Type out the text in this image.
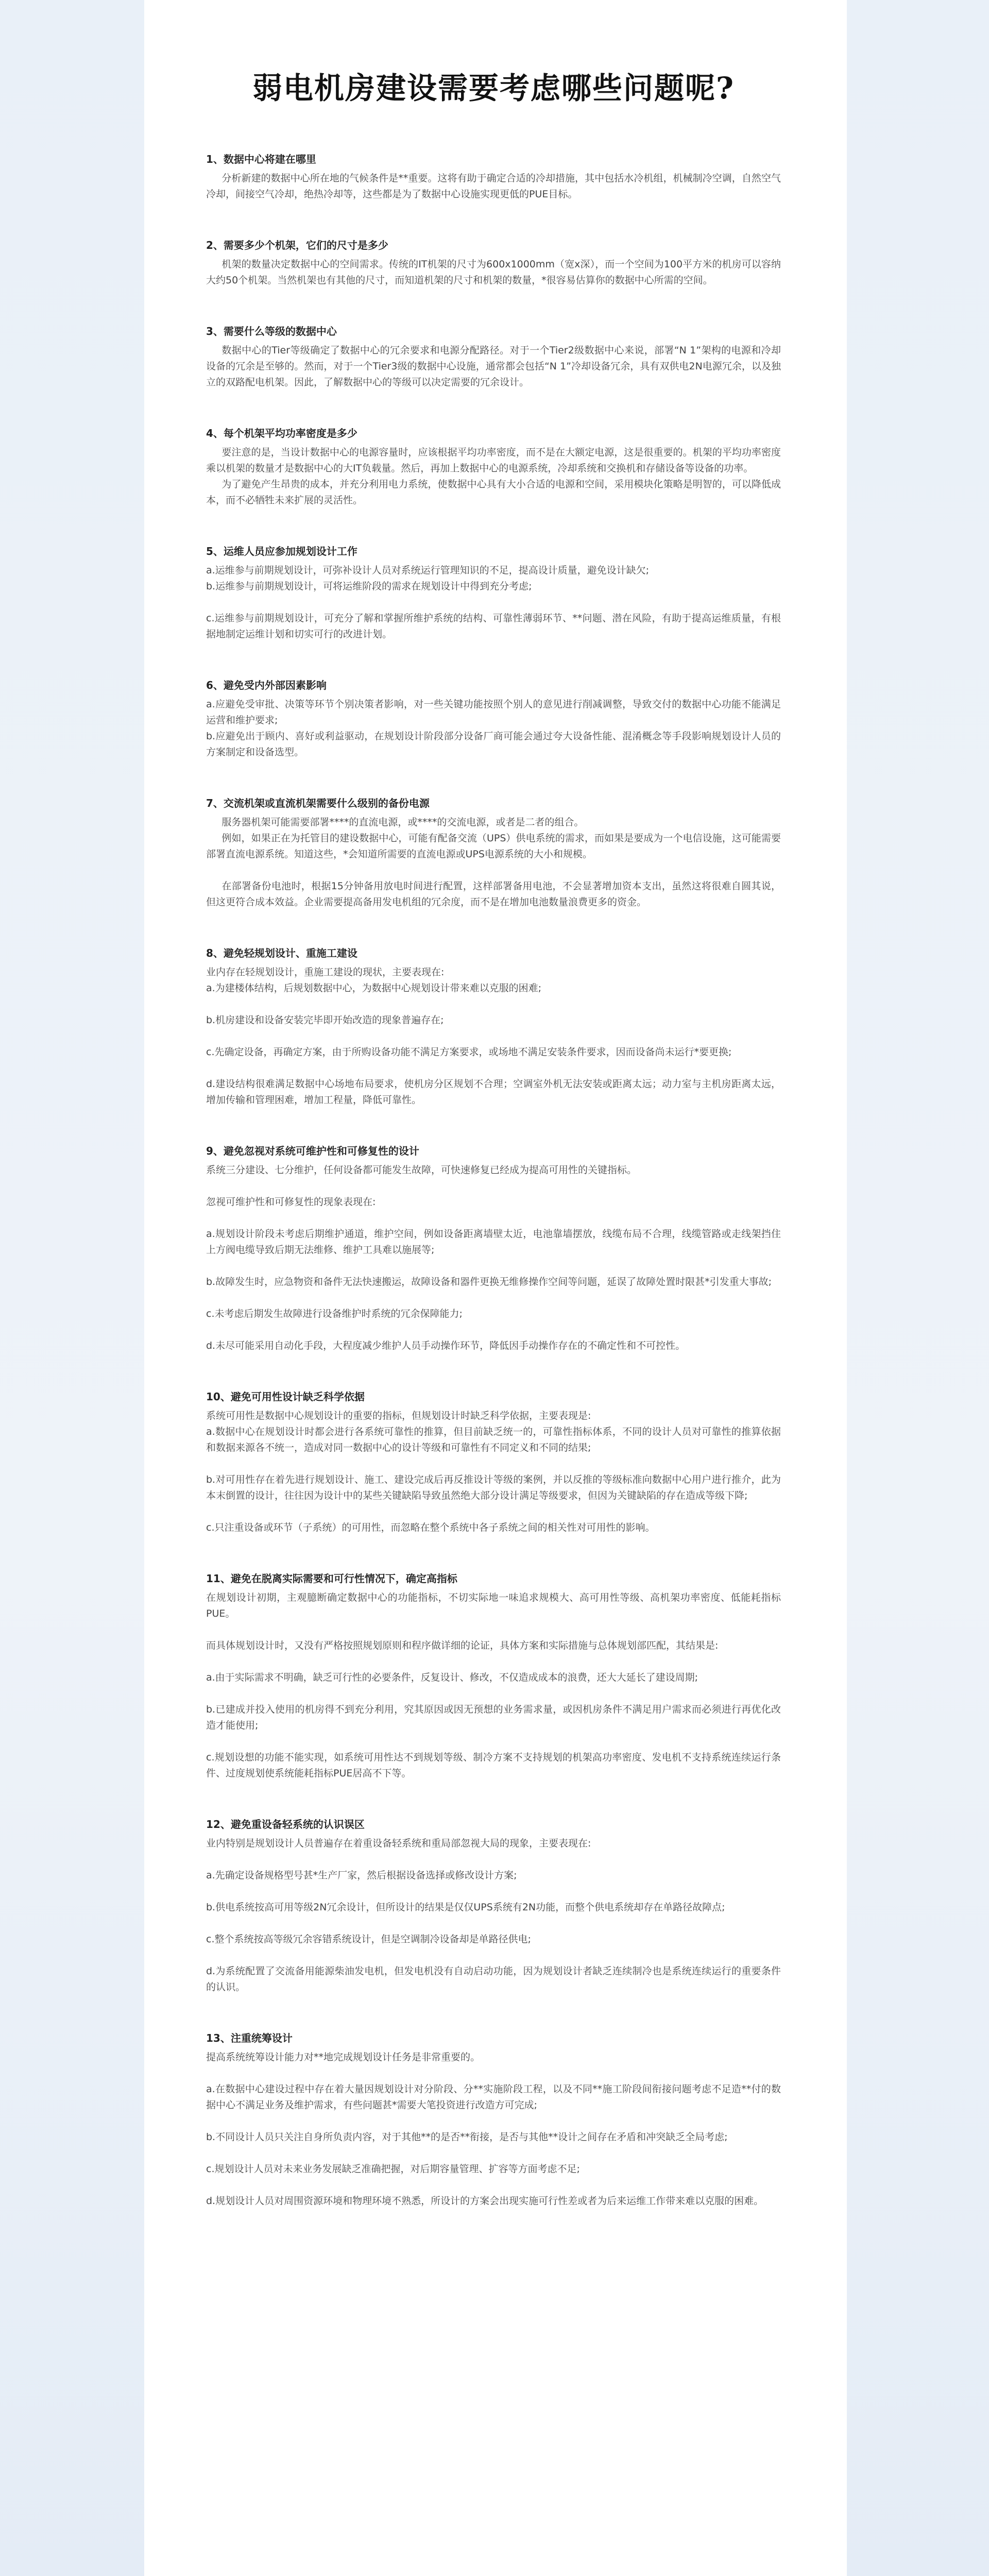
弱电机房建设需要考虑哪些问题呢?
1、数据中心将建在哪里

分析新建的数据中心所在地的气候条件是**重要。这将有助于确定合适的冷却措施，其中包括水冷机组，机械制冷空调，自然空气冷却，间接空气冷却，绝热冷却等，这些都是为了数据中心设施实现更低的PUE目标。

2、需要多少个机架，它们的尺寸是多少

机架的数量决定数据中心的空间需求。传统的IT机架的尺寸为600x1000mm（宽x深），而一个空间为100平方米的机房可以容纳大约50个机架。当然机架也有其他的尺寸，而知道机架的尺寸和机架的数量，*很容易估算你的数据中心所需的空间。

3、需要什么等级的数据中心

数据中心的Tier等级确定了数据中心的冗余要求和电源分配路径。对于一个Tier2级数据中心来说，部署“N 1”架构的电源和冷却设备的冗余是至够的。然而，对于一个Tier3级的数据中心设施，通常都会包括“N 1”冷却设备冗余，具有双供电2N电源冗余，以及独立的双路配电机架。因此，了解数据中心的等级可以决定需要的冗余设计。

4、每个机架平均功率密度是多少

要注意的是，当设计数据中心的电源容量时，应该根据平均功率密度，而不是在大额定电源，这是很重要的。机架的平均功率密度乘以机架的数量才是数据中心的大IT负载量。然后，再加上数据中心的电源系统，冷却系统和交换机和存储设备等设备的功率。

为了避免产生昂贵的成本，并充分利用电力系统，使数据中心具有大小合适的电源和空间，采用模块化策略是明智的，可以降低成本，而不必牺牲未来扩展的灵活性。

5、运维人员应参加规划设计工作

a.运维参与前期规划设计，可弥补设计人员对系统运行管理知识的不足，提高设计质量，避免设计缺欠;

b.运维参与前期规划设计，可将运维阶段的需求在规划设计中得到充分考虑;

c.运维参与前期规划设计，可充分了解和掌握所维护系统的结构、可靠性薄弱环节、**问题、潜在风险，有助于提高运维质量，有根据地制定运维计划和切实可行的改进计划。

6、避免受内外部因素影响

a.应避免受审批、决策等环节个别决策者影响，对一些关键功能按照个别人的意见进行削减调整，导致交付的数据中心功能不能满足运营和维护要求;

b.应避免出于顾内、喜好或利益驱动，在规划设计阶段部分设备厂商可能会通过夸大设备性能、混淆概念等手段影响规划设计人员的方案制定和设备选型。

7、交流机架或直流机架需要什么级别的备份电源

服务器机架可能需要部署****的直流电源，或****的交流电源，或者是二者的组合。

例如，如果正在为托管目的建设数据中心，可能有配备交流（UPS）供电系统的需求，而如果是要成为一个电信设施，这可能需要部署直流电源系统。知道这些，*会知道所需要的直流电源或UPS电源系统的大小和规模。

在部署备份电池时，根据15分钟备用放电时间进行配置，这样部署备用电池，不会显著增加资本支出，虽然这将很难自圆其说，但这更符合成本效益。企业需要提高备用发电机组的冗余度，而不是在增加电池数量浪费更多的资金。

8、避免轻规划设计、重施工建设

业内存在轻规划设计，重施工建设的现状，主要表现在:

a.为建楼体结构，后规划数据中心，为数据中心规划设计带来难以克服的困难;

b.机房建设和设备安装完毕即开始改造的现象普遍存在;

c.先确定设备，再确定方案，由于所购设备功能不满足方案要求，或场地不满足安装条件要求，因而设备尚未运行*要更换;

d.建设结构很难满足数据中心场地布局要求，使机房分区规划不合理；空调室外机无法安装或距离太远；动力室与主机房距离太远，增加传输和管理困难，增加工程量，降低可靠性。

9、避免忽视对系统可维护性和可修复性的设计

系统三分建设、七分维护，任何设备都可能发生故障，可快速修复已经成为提高可用性的关键指标。

忽视可维护性和可修复性的现象表现在:

a.规划设计阶段未考虑后期维护通道，维护空间，例如设备距离墙壁太近，电池靠墙摆放，线缆布局不合理，线缆管路或走线架挡住上方阀电缆导致后期无法维修、维护工具难以施展等;

b.故障发生时，应急物资和备件无法快速搬运，故障设备和器件更换无维修操作空间等问题，延误了故障处置时限甚*引发重大事故;

c.未考虑后期发生故障进行设备维护时系统的冗余保障能力;

d.未尽可能采用自动化手段，大程度减少维护人员手动操作环节，降低因手动操作存在的不确定性和不可控性。

10、避免可用性设计缺乏科学依据

系统可用性是数据中心规划设计的重要的指标，但规划设计时缺乏科学依据，主要表现是:

a.数据中心在规划设计时都会进行各系统可靠性的推算，但目前缺乏统一的，可靠性指标体系，不同的设计人员对可靠性的推算依据和数据来源各不统一，造成对同一数据中心的设计等级和可靠性有不同定义和不同的结果;

b.对可用性存在着先进行规划设计、施工、建设完成后再反推设计等级的案例，并以反推的等级标准向数据中心用户进行推介，此为本末倒置的设计，往往因为设计中的某些关键缺陷导致虽然绝大部分设计满足等级要求，但因为关键缺陷的存在造成等级下降;

c.只注重设备或环节（子系统）的可用性，而忽略在整个系统中各子系统之间的相关性对可用性的影响。

11、避免在脱离实际需要和可行性情况下，确定高指标

在规划设计初期，主观臆断确定数据中心的功能指标，不切实际地一味追求规模大、高可用性等级、高机架功率密度、低能耗指标PUE。

而具体规划设计时，又没有严格按照规划原则和程序做详细的论证，具体方案和实际措施与总体规划部匹配，其结果是:

a.由于实际需求不明确，缺乏可行性的必要条件，反复设计、修改，不仅造成成本的浪费，还大大延长了建设周期;

b.已建成并投入使用的机房得不到充分利用，究其原因或因无预想的业务需求量，或因机房条件不满足用户需求而必须进行再优化改造才能使用;

c.规划设想的功能不能实现，如系统可用性达不到规划等级、制冷方案不支持规划的机架高功率密度、发电机不支持系统连续运行条件、过度规划使系统能耗指标PUE居高不下等。

12、避免重设备轻系统的认识误区

业内特别是规划设计人员普遍存在着重设备轻系统和重局部忽视大局的现象，主要表现在:

a.先确定设备规格型号甚*生产厂家，然后根据设备选择或修改设计方案;

b.供电系统按高可用等级2N冗余设计，但所设计的结果是仅仅UPS系统有2N功能，而整个供电系统却存在单路径故障点;

c.整个系统按高等级冗余容错系统设计，但是空调制冷设备却是单路径供电;

d.为系统配置了交流备用能源柴油发电机，但发电机没有自动启动功能，因为规划设计者缺乏连续制冷也是系统连续运行的重要条件的认识。

13、注重统筹设计

提高系统统筹设计能力对**地完成规划设计任务是非常重要的。

a.在数据中心建设过程中存在着大量因规划设计对分阶段、分**实施阶段工程，以及不同**施工阶段间衔接问题考虑不足造**付的数据中心不满足业务及维护需求，有些问题甚*需要大笔投资进行改造方可完成;

b.不同设计人员只关注自身所负责内容，对于其他**的是否**衔接，是否与其他**设计之间存在矛盾和冲突缺乏全局考虑;

c.规划设计人员对未来业务发展缺乏准确把握，对后期容量管理、扩容等方面考虑不足;

d.规划设计人员对周围资源环境和物理环境不熟悉，所设计的方案会出现实施可行性差或者为后来运维工作带来难以克服的困难。
